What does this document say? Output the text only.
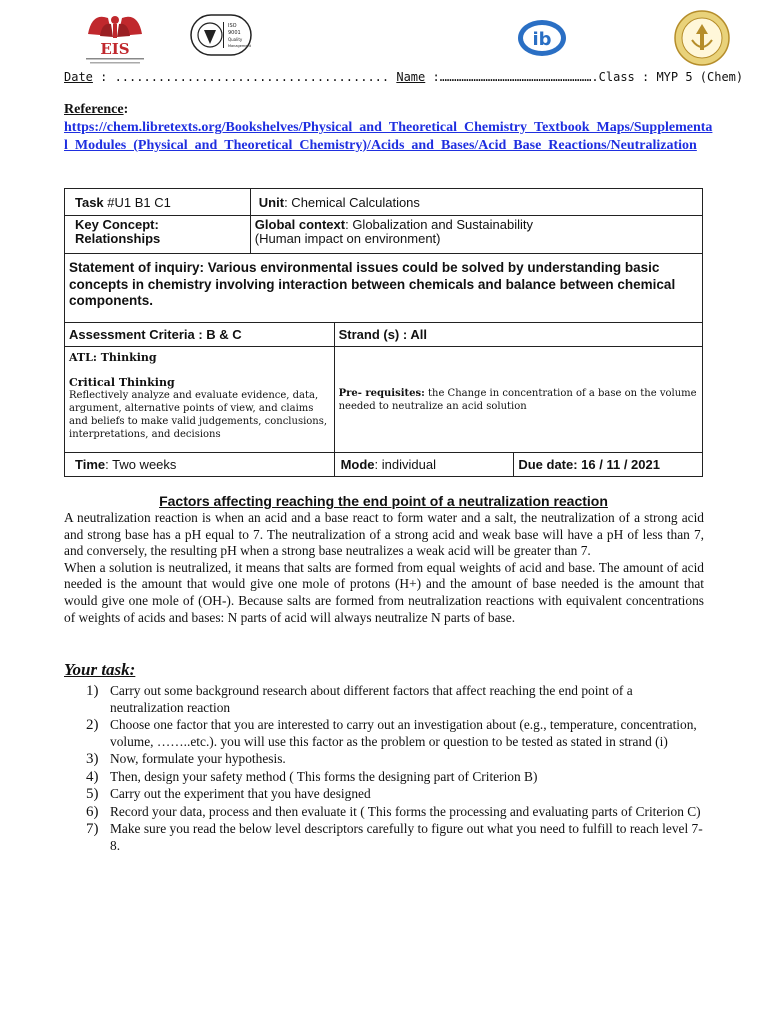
EIS
ISO
9001
Quality
Management	ib
Date : ...................................... Name :……………………………………………………….Class : MYP 5 (Chem)
Reference:
https://chem.libretexts.org/Bookshelves/Physical_and_Theoretical_Chemistry_Textbook_Maps/Supplemental_Modules_(Physical_and_Theoretical_Chemistry)/Acids_and_Bases/Acid_Base_Reactions/Neutralization
Task #U1 B1 C1	Unit: Chemical Calculations		
Key Concept: Relationships	Global context: Globalization and Sustainability
(Human impact on environment)		
Statement of inquiry: Various environmental issues could be solved by understanding basic concepts in chemistry involving interaction between chemicals and balance between chemical components.			
Assessment Criteria : B & C		Strand (s) : All	

ATL: Thinking
Critical Thinking
Reflectively analyze and evaluate evidence, data, argument, alternative points of view, and claims and beliefs to make valid judgements, conclusions, interpretations, and decisions		Pre- requisites: the Change in concentration of a base on the volume needed to neutralize an acid solution	
Time: Two weeks		Mode: individual	Due date: 16 / 11 / 2021
Factors affecting reaching the end point of a neutralization reaction

A neutralization reaction is when an acid and a base react to form water and a salt, the neutralization of a strong acid and strong base has a pH equal to 7. The neutralization of a strong acid and weak base will have a pH of less than 7, and conversely, the resulting pH when a strong base neutralizes a weak acid will be greater than 7.

When a solution is neutralized, it means that salts are formed from equal weights of acid and base. The amount of acid needed is the amount that would give one mole of protons (H+) and the amount of base needed is the amount that would give one mole of (OH-). Because salts are formed from neutralization reactions with equivalent concentrations of weights of acids and bases: N parts of acid will always neutralize N parts of base.

Your task:
1) Carry out some background research about different factors that affect reaching the end point of a neutralization reaction
2) Choose one factor that you are interested to carry out an investigation about (e.g., temperature, concentration, volume, ……..etc.). you will use this factor as the problem or question to be tested as stated in strand (i)
3) Now, formulate your hypothesis.
4) Then, design your safety method ( This forms the designing part of Criterion B)
5) Carry out the experiment that you have designed
6) Record your data, process and then evaluate it ( This forms the processing and evaluating parts of Criterion C)
7) Make sure you read the below level descriptors carefully to figure out what you need to fulfill to reach level 7-8.
